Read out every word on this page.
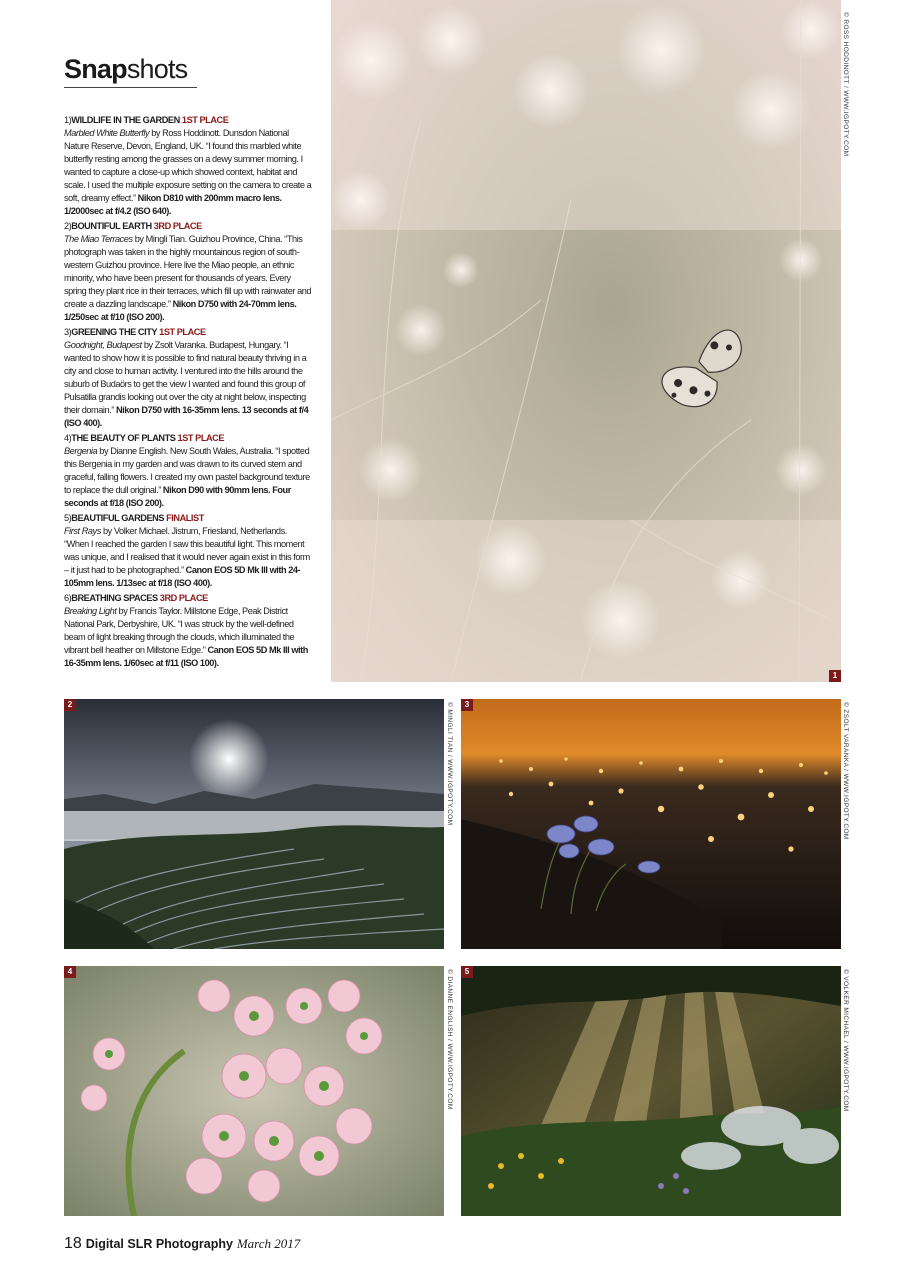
Snapshots

1)WILDLIFE IN THE GARDEN 1ST PLACE
Marbled White Butterfly by Ross Hoddinott. Dunsdon National Nature Reserve, Devon, England, UK. “I found this marbled white butterfly resting among the grasses on a dewy summer morning. I wanted to capture a close-up which showed context, habitat and scale. I used the multiple exposure setting on the camera to create a soft, dreamy effect.” Nikon D810 with 200mm macro lens. 1/2000sec at f/4.2 (ISO 640).

2)BOUNTIFUL EARTH 3RD PLACE
The Miao Terraces by Mingli Tian. Guizhou Province, China. “This photograph was taken in the highly mountainous region of south-western Guizhou province. Here live the Miao people, an ethnic minority, who have been present for thousands of years. Every spring they plant rice in their terraces, which fill up with rainwater and create a dazzling landscape.” Nikon D750 with 24-70mm lens. 1/250sec at f/10 (ISO 200).

3)GREENING THE CITY 1ST PLACE
Goodnight, Budapest by Zsolt Varanka. Budapest, Hungary. “I wanted to show how it is possible to find natural beauty thriving in a city and close to human activity. I ventured into the hills around the suburb of Budaörs to get the view I wanted and found this group of Pulsatilla grandis looking out over the city at night below, inspecting their domain.” Nikon D750 with 16-35mm lens. 13 seconds at f/4 (ISO 400).

4)THE BEAUTY OF PLANTS 1ST PLACE
Bergenia by Dianne English. New South Wales, Australia. “I spotted this Bergenia in my garden and was drawn to its curved stem and graceful, falling flowers. I created my own pastel background texture to replace the dull original.” Nikon D90 with 90mm lens. Four seconds at f/18 (ISO 200).

5)BEAUTIFUL GARDENS FINALIST
First Rays by Volker Michael. Jistrum, Friesland, Netherlands. “When I reached the garden I saw this beautiful light. This moment was unique, and I realised that it would never again exist in this form – it just had to be photographed.” Canon EOS 5D Mk III with 24-105mm lens. 1/13sec at f/18 (ISO 400).

6)BREATHING SPACES 3RD PLACE
Breaking Light by Francis Taylor. Millstone Edge, Peak District National Park, Derbyshire, UK. “I was struck by the well-defined beam of light breaking through the clouds, which illuminated the vibrant bell heather on Millstone Edge.” Canon EOS 5D Mk III with 16-35mm lens. 1/60sec at f/11 (ISO 100).

1
© ROSS HODDINOTT / WWW.IGPOTY.COM
2	© MINGLI TIAN / WWW.IGPOTY.COM	3	© ZSOLT VARANKA / WWW.IGPOTY.COM
4	© DIANNE ENGLISH / WWW.IGPOTY.COM	5	© VOLKER MICHAEL / WWW.IGPOTY.COM
18 Digital SLR Photography March 2017
